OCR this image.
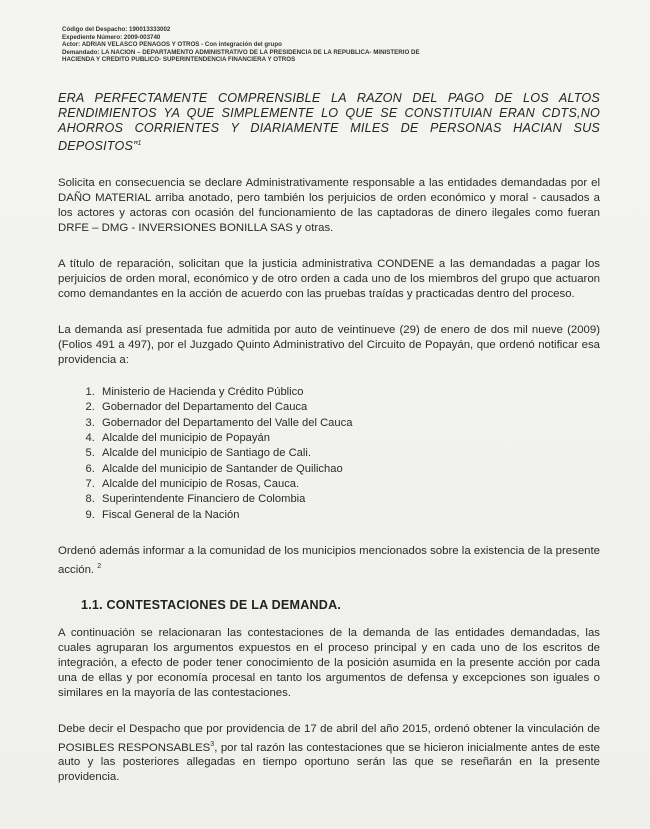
Código del Despacho: 190013333002
Expediente Número: 2009-003740
Actor: ADRIAN VELASCO PENAGOS Y OTROS - Con integración del grupo
Demandado: LA NACION – DEPARTAMENTO ADMINISTRATIVO DE LA PRESIDENCIA DE LA REPUBLICA- MINISTERIO DE
HACIENDA Y CREDITO PUBLICO- SUPERINTENDENCIA FINANCIERA Y OTROS
ERA PERFECTAMENTE COMPRENSIBLE LA RAZON DEL PAGO DE LOS ALTOS RENDIMIENTOS YA QUE SIMPLEMENTE LO QUE SE CONSTITUIAN ERAN CDTS,NO AHORROS CORRIENTES Y DIARIAMENTE MILES DE PERSONAS HACIAN SUS DEPOSITOS”$^1$
Solicita en consecuencia se declare Administrativamente responsable a las entidades demandadas por el DAÑO MATERIAL arriba anotado, pero también los perjuicios de orden económico y moral - causados a los actores y actoras con ocasión del funcionamiento de las captadoras de dinero ilegales como fueran DRFE – DMG - INVERSIONES BONILLA SAS y otras.
A título de reparación, solicitan que la justicia administrativa CONDENE a las demandadas a pagar los perjuicios de orden moral, económico y de otro orden a cada uno de los miembros del grupo que actuaron como demandantes en la acción de acuerdo con las pruebas traídas y practicadas dentro del proceso.
La demanda así presentada fue admitida por auto de veintinueve (29) de enero de dos mil nueve (2009) (Folios 491 a 497), por el Juzgado Quinto Administrativo del Circuito de Popayán, que ordenó notificar esa providencia a:
1. Ministerio de Hacienda y Crédito Público
2. Gobernador del Departamento del Cauca
3. Gobernador del Departamento del Valle del Cauca
4. Alcalde del municipio de Popayán
5. Alcalde del municipio de Santiago de Cali.
6. Alcalde del municipio de Santander de Quilichao
7. Alcalde del municipio de Rosas, Cauca.
8. Superintendente Financiero de Colombia
9. Fiscal General de la Nación
Ordenó además informar a la comunidad de los municipios mencionados sobre la existencia de la presente acción. $^2$
1.1. CONTESTACIONES DE LA DEMANDA.
A continuación se relacionaran las contestaciones de la demanda de las entidades demandadas, las cuales agruparan los argumentos expuestos en el proceso principal y en cada uno de los escritos de integración, a efecto de poder tener conocimiento de la posición asumida en la presente acción por cada una de ellas y por economía procesal en tanto los argumentos de defensa y excepciones son iguales o similares en la mayoría de las contestaciones.
Debe decir el Despacho que por providencia de 17 de abril del año 2015, ordenó obtener la vinculación de POSIBLES RESPONSABLES$^3$, por tal razón las contestaciones que se hicieron inicialmente antes de este auto y las posteriores allegadas en tiempo oportuno serán las que se reseñarán en la presente providencia.
